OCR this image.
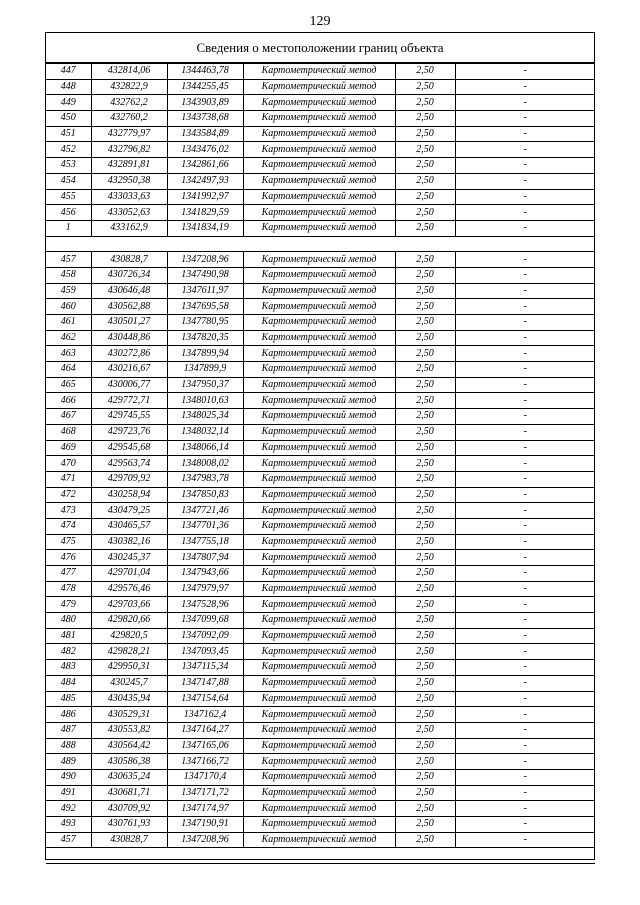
129
Сведения о местоположении границ объекта
447	432814,06	1344463,78	Картометрический метод	2,50	-
448	432822,9	1344255,45	Картометрический метод	2,50	-
449	432762,2	1343903,89	Картометрический метод	2,50	-
450	432760,2	1343738,68	Картометрический метод	2,50	-
451	432779,97	1343584,89	Картометрический метод	2,50	-
452	432796,82	1343476,02	Картометрический метод	2,50	-
453	432891,81	1342861,66	Картометрический метод	2,50	-
454	432950,38	1342497,93	Картометрический метод	2,50	-
455	433033,63	1341992,97	Картометрический метод	2,50	-
456	433052,63	1341829,59	Картометрический метод	2,50	-
1	433162,9	1341834,19	Картометрический метод	2,50	-

457	430828,7	1347208,96	Картометрический метод	2,50	-
458	430726,34	1347490,98	Картометрический метод	2,50	-
459	430646,48	1347611,97	Картометрический метод	2,50	-
460	430562,88	1347695,58	Картометрический метод	2,50	-
461	430501,27	1347780,95	Картометрический метод	2,50	-
462	430448,86	1347820,35	Картометрический метод	2,50	-
463	430272,86	1347899,94	Картометрический метод	2,50	-
464	430216,67	1347899,9	Картометрический метод	2,50	-
465	430006,77	1347950,37	Картометрический метод	2,50	-
466	429772,71	1348010,63	Картометрический метод	2,50	-
467	429745,55	1348025,34	Картометрический метод	2,50	-
468	429723,76	1348032,14	Картометрический метод	2,50	-
469	429545,68	1348066,14	Картометрический метод	2,50	-
470	429563,74	1348008,02	Картометрический метод	2,50	-
471	429709,92	1347983,78	Картометрический метод	2,50	-
472	430258,94	1347850,83	Картометрический метод	2,50	-
473	430479,25	1347721,46	Картометрический метод	2,50	-
474	430465,57	1347701,36	Картометрический метод	2,50	-
475	430382,16	1347755,18	Картометрический метод	2,50	-
476	430245,37	1347807,94	Картометрический метод	2,50	-
477	429701,04	1347943,66	Картометрический метод	2,50	-
478	429576,46	1347979,97	Картометрический метод	2,50	-
479	429703,66	1347528,96	Картометрический метод	2,50	-
480	429820,66	1347099,68	Картометрический метод	2,50	-
481	429820,5	1347092,09	Картометрический метод	2,50	-
482	429828,21	1347093,45	Картометрический метод	2,50	-
483	429950,31	1347115,34	Картометрический метод	2,50	-
484	430245,7	1347147,88	Картометрический метод	2,50	-
485	430435,94	1347154,64	Картометрический метод	2,50	-
486	430529,31	1347162,4	Картометрический метод	2,50	-
487	430553,82	1347164,27	Картометрический метод	2,50	-
488	430564,42	1347165,06	Картометрический метод	2,50	-
489	430586,38	1347166,72	Картометрический метод	2,50	-
490	430635,24	1347170,4	Картометрический метод	2,50	-
491	430681,71	1347171,72	Картометрический метод	2,50	-
492	430709,92	1347174,97	Картометрический метод	2,50	-
493	430761,93	1347190,91	Картометрический метод	2,50	-
457	430828,7	1347208,96	Картометрический метод	2,50	-
